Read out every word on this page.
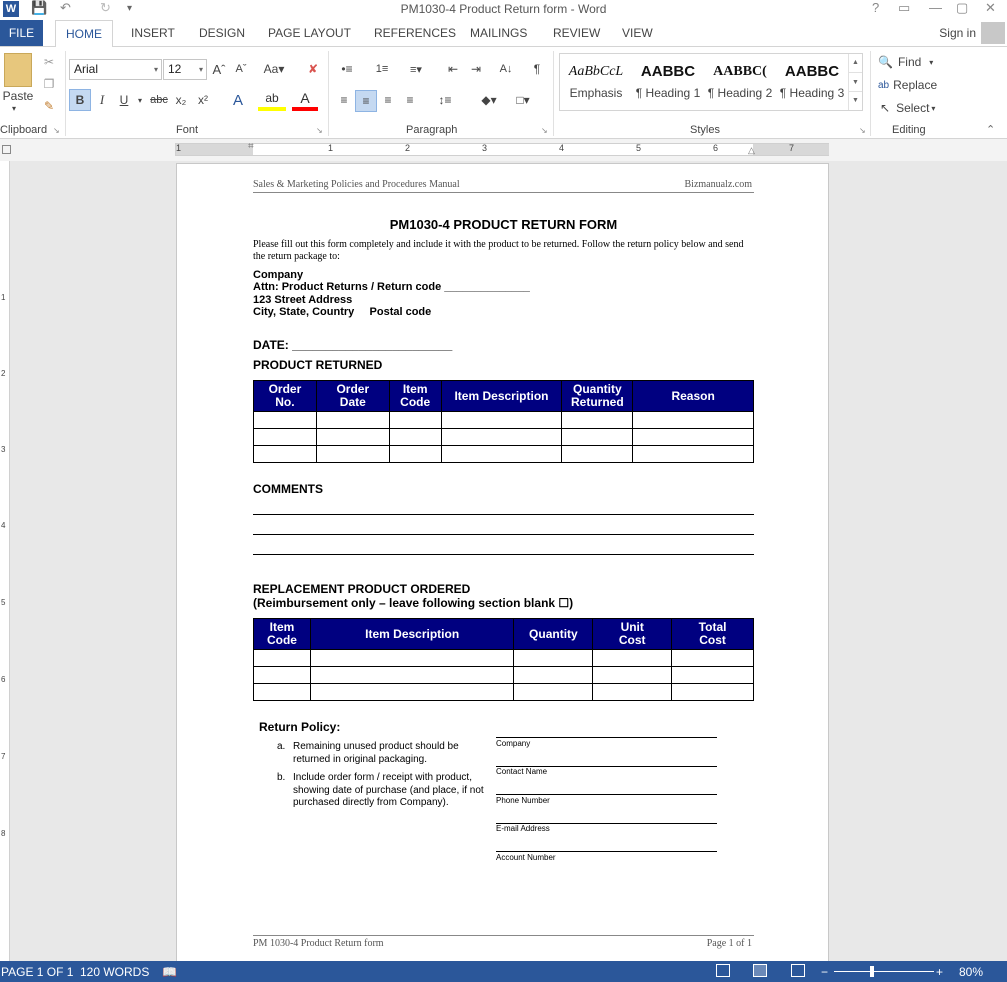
W 💾 ↶ ↻ ▾	PM1030-4 Product Return form - Word	? ▭ — ▢ ✕
FILE	HOME	INSERT DESIGN PAGE LAYOUT REFERENCES MAILINGS REVIEW VIEW	Sign in
Paste
▾
✂
❐
✎
Clipboard ↘
Arial	▾ 12 ▾ Aˆ Aˇ	Aa▾	✘
B	I	U	▾ abc x₂ x²	A	ab	A
Font	↘
•≡	1≡	≡▾	⇤	⇥	A↓	¶
≡	≡	≡	≡	↕≡	◆▾	□▾
Paragraph	↘
AaBbCcL
Emphasis
AABBC
¶ Heading 1
AABBC(
¶ Heading 2
AABBC
¶ Heading 3
▲
▼
▼
Styles	↘
🔍 Find ▾
ab Replace
↖ Select ▾
Editing	⌃
1	1	2	3	4	5	6	7
⌗	△
1
2
3
4
5
6
7
8
Sales & Marketing Policies and Procedures Manual	Bizmanualz.com
PM1030-4 PRODUCT RETURN FORM
Please fill out this form completely and include it with the product to be returned. Follow the return policy below and send the return package to:
Company
Attn: Product Returns / Return code ______________
123 Street Address
City, State, Country     Postal code
DATE: ________________________
PRODUCT RETURNED
Order
No.	Order
Date	Item
Code	Item Description	Quantity
Returned	Reason

COMMENTS
REPLACEMENT PRODUCT ORDERED
(Reimbursement only – leave following section blank ☐)
Item
Code	Item Description	Quantity	Unit
Cost	Total
Cost

Return Policy:
a. Remaining unused product should be returned in original packaging.
b. Include order form / receipt with product, showing date of purchase (and place, if not purchased directly from Company).
Company
Contact Name
Phone Number
E-mail Address
Account Number
PM 1030-4 Product Return form	Page 1 of 1
PAGE 1 OF 1 120 WORDS 📖	−	+ 80%
